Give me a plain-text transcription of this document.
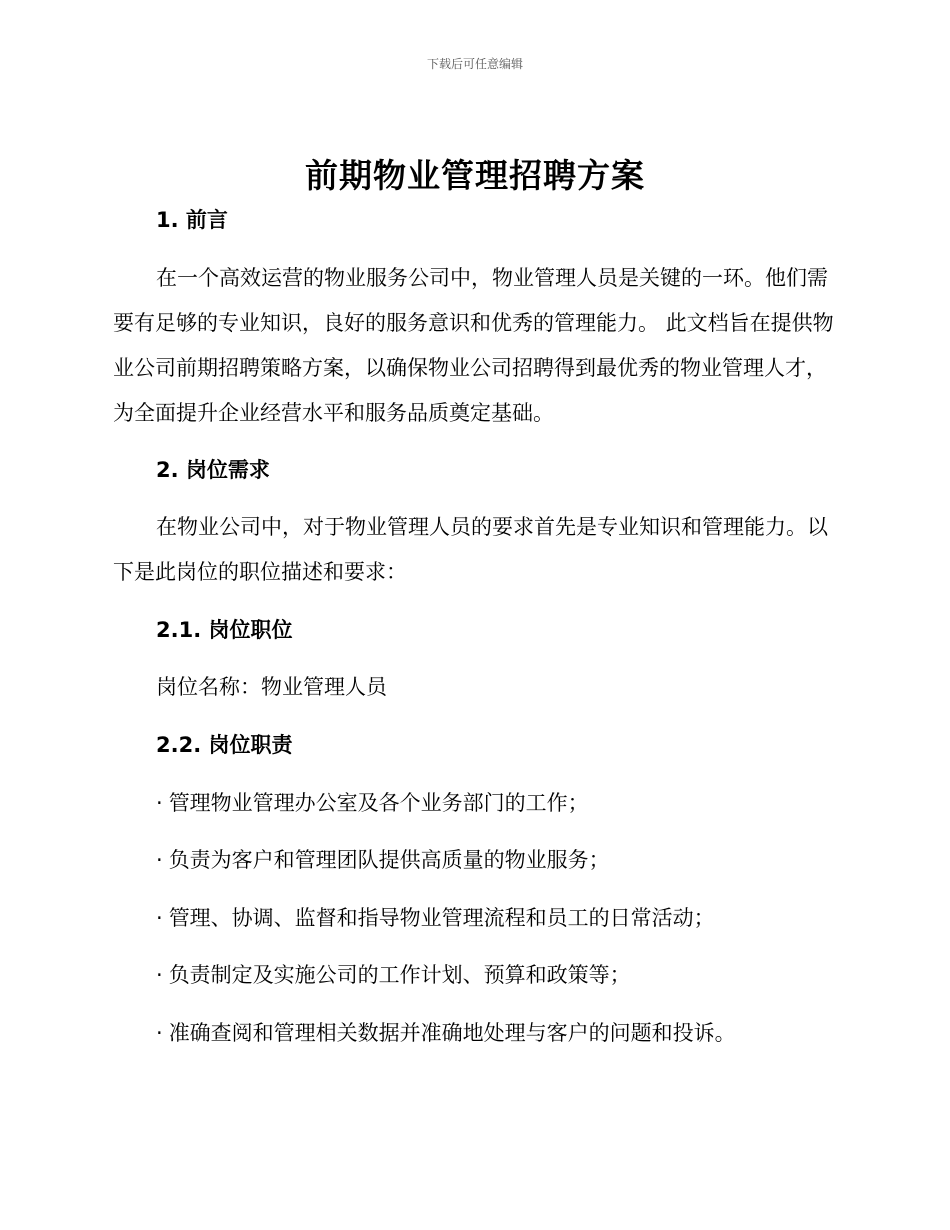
下载后可任意编辑
前期物业管理招聘方案
1. 前言

在一个高效运营的物业服务公司中，物业管理人员是关键的一环。他们需要有足够的专业知识，良好的服务意识和优秀的管理能力。 此文档旨在提供物业公司前期招聘策略方案，以确保物业公司招聘得到最优秀的物业管理人才，为全面提升企业经营水平和服务品质奠定基础。

2. 岗位需求

在物业公司中，对于物业管理人员的要求首先是专业知识和管理能力。以下是此岗位的职位描述和要求：

2.1. 岗位职位
岗位名称：物业管理人员
2.2. 岗位职责
· 管理物业管理办公室及各个业务部门的工作；
· 负责为客户和管理团队提供高质量的物业服务；
· 管理、协调、监督和指导物业管理流程和员工的日常活动；
· 负责制定及实施公司的工作计划、预算和政策等；
· 准确查阅和管理相关数据并准确地处理与客户的问题和投诉。
